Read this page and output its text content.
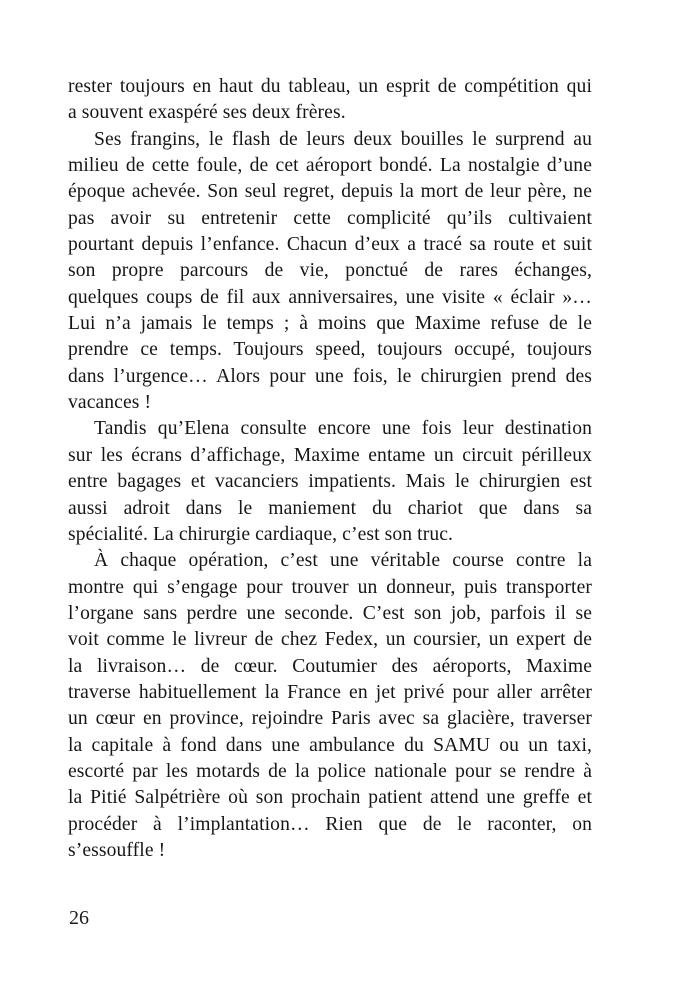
rester toujours en haut du tableau, un esprit de compétition qui
a souvent exaspéré ses deux frères.

Ses frangins, le flash de leurs deux bouilles le surprend au
milieu de cette foule, de cet aéroport bondé. La nostalgie d’une
époque achevée. Son seul regret, depuis la mort de leur père, ne
pas avoir su entretenir cette complicité qu’ils cultivaient
pourtant depuis l’enfance. Chacun d’eux a tracé sa route et suit
son propre parcours de vie, ponctué de rares échanges,
quelques coups de fil aux anniversaires, une visite « éclair »…
Lui n’a jamais le temps ; à moins que Maxime refuse de le
prendre ce temps. Toujours speed, toujours occupé, toujours
dans l’urgence… Alors pour une fois, le chirurgien prend des
vacances !

Tandis qu’Elena consulte encore une fois leur destination
sur les écrans d’affichage, Maxime entame un circuit périlleux
entre bagages et vacanciers impatients. Mais le chirurgien est
aussi adroit dans le maniement du chariot que dans sa
spécialité. La chirurgie cardiaque, c’est son truc.

À chaque opération, c’est une véritable course contre la
montre qui s’engage pour trouver un donneur, puis transporter
l’organe sans perdre une seconde. C’est son job, parfois il se
voit comme le livreur de chez Fedex, un coursier, un expert de
la livraison… de cœur. Coutumier des aéroports, Maxime
traverse habituellement la France en jet privé pour aller arrêter
un cœur en province, rejoindre Paris avec sa glacière, traverser
la capitale à fond dans une ambulance du SAMU ou un taxi,
escorté par les motards de la police nationale pour se rendre à
la Pitié Salpétrière où son prochain patient attend une greffe et
procéder à l’implantation… Rien que de le raconter, on
s’essouffle !

26
